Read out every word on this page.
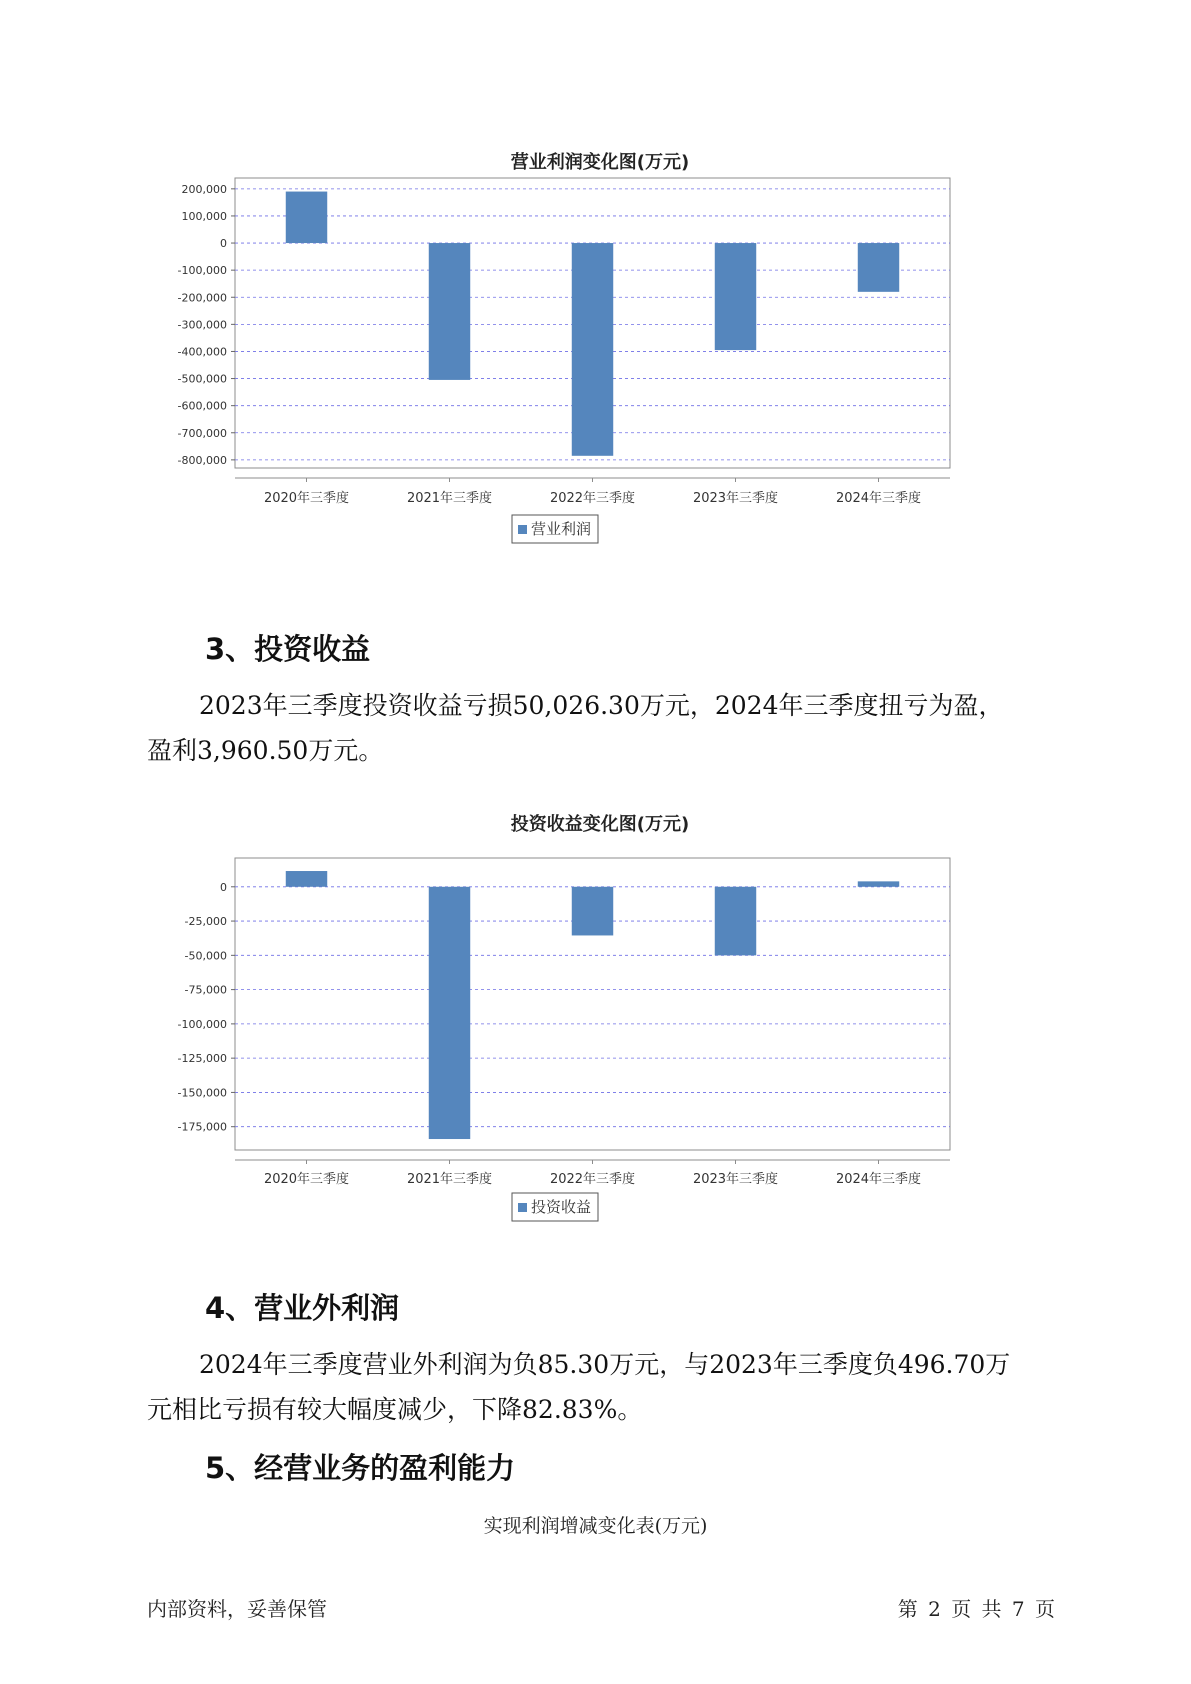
营业利润变化图(万元)
200,000
100,000
0
-100,000
-200,000
-300,000
-400,000
-500,000
-600,000
-700,000
-800,000
2020年三季度	2021年三季度	2022年三季度	2023年三季度	2024年三季度
营业利润
3、投资收益
2023年三季度投资收益亏损50,026.30万元，2024年三季度扭亏为盈，
盈利3,960.50万元。
投资收益变化图(万元)
0
-25,000
-50,000
-75,000
-100,000
-125,000
-150,000
-175,000
2020年三季度	2021年三季度	2022年三季度	2023年三季度	2024年三季度
投资收益
4、营业外利润
2024年三季度营业外利润为负85.30万元，与2023年三季度负496.70万
元相比亏损有较大幅度减少，下降82.83%。
5、经营业务的盈利能力
实现利润增减变化表(万元)
内部资料，妥善保管	第 2 页 共 7 页
